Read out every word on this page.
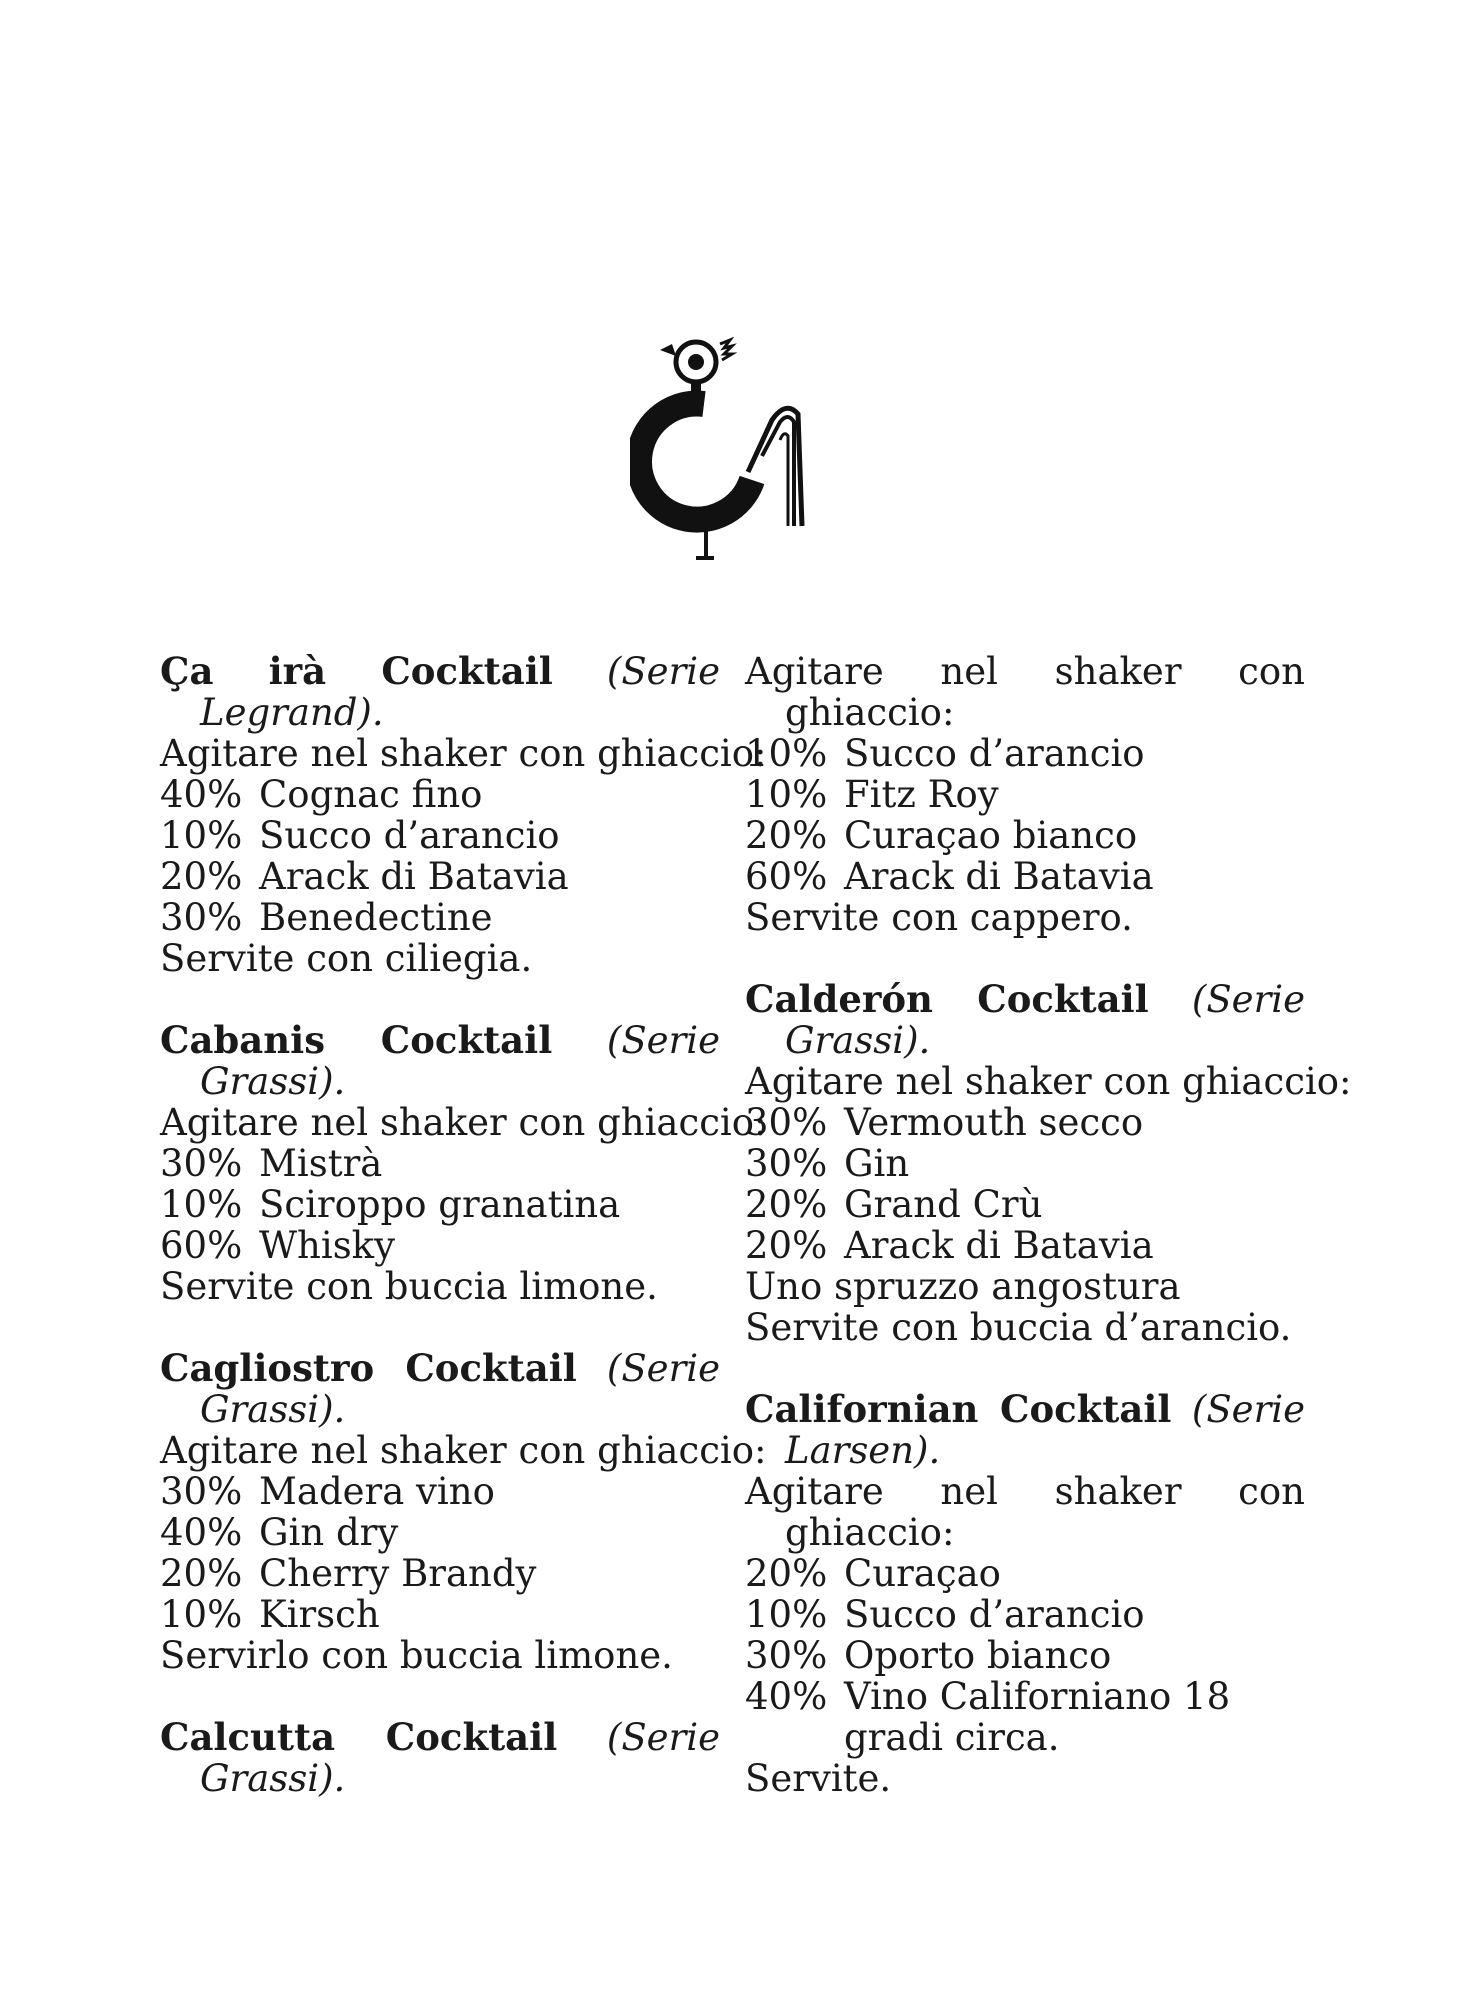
Ça irà Cocktail (Serie Legrand).
Agitare nel shaker con ghiaccio:
40% Cognac fino
10% Succo d’arancio
20% Arack di Batavia
30% Benedectine
Servite con ciliegia.
Cabanis Cocktail (Serie Grassi).
Agitare nel shaker con ghiaccio:
30% Mistrà
10% Sciroppo granatina
60% Whisky
Servite con buccia limone.
Cagliostro Cocktail (Serie Grassi).
Agitare nel shaker con ghiaccio:
30% Madera vino
40% Gin dry
20% Cherry Brandy
10% Kirsch
Servirlo con buccia limone.
Calcutta Cocktail (Serie Grassi).
Agitare nel shaker con ghiaccio:
10% Succo d’arancio
10% Fitz Roy
20% Curaçao bianco
60% Arack di Batavia
Servite con cappero.
Calderón Cocktail (Serie Grassi).
Agitare nel shaker con ghiaccio:
30% Vermouth secco
30% Gin
20% Grand Crù
20% Arack di Batavia
Uno spruzzo angostura
Servite con buccia d’arancio.
Californian Cocktail (Serie Larsen).
Agitare nel shaker con ghiaccio:
20% Curaçao
10% Succo d’arancio
30% Oporto bianco
40% Vino Californiano 18 gradi circa.
Servite.
